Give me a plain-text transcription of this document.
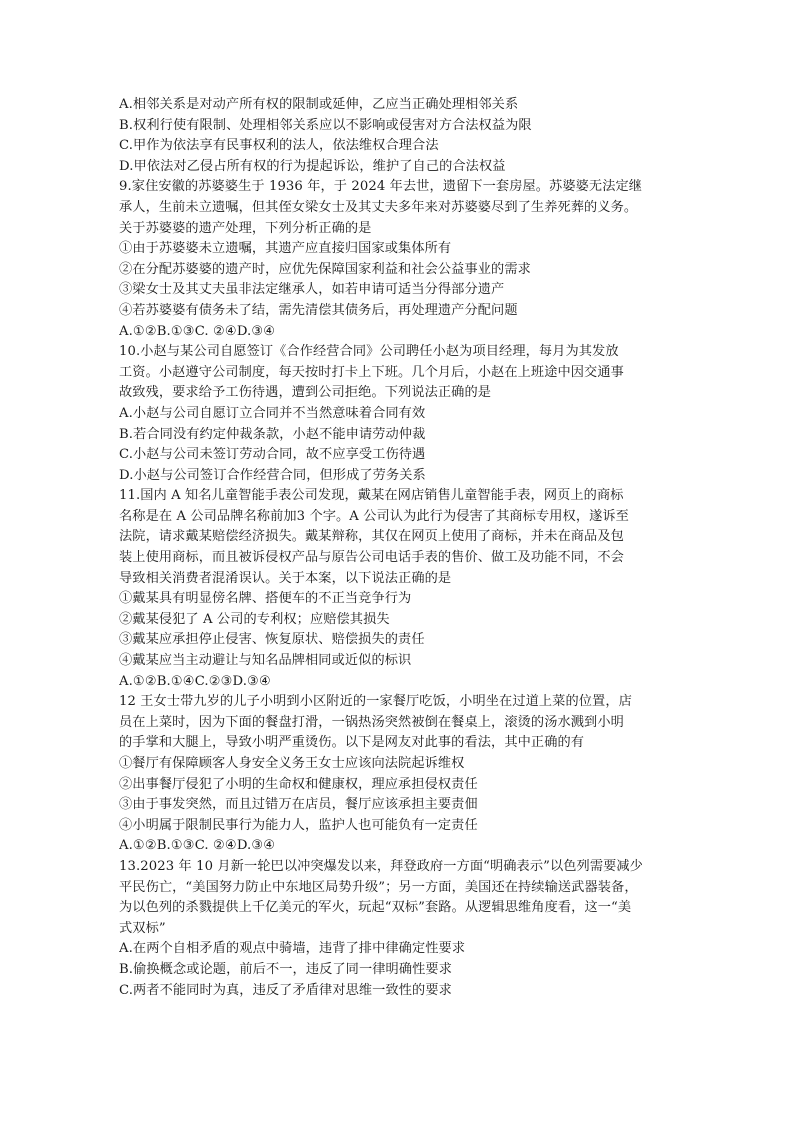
A.相邻关系是对动产所有权的限制或延伸，乙应当正确处理相邻关系
B.权利行使有限制、处理相邻关系应以不影响或侵害对方合法权益为限
C.甲作为依法享有民事权利的法人，依法维权合理合法
D.甲依法对乙侵占所有权的行为提起诉讼，维护了自己的合法权益
9.家住安徽的苏婆婆生于 1936 年，于 2024 年去世，遗留下一套房屋。苏婆婆无法定继
承人，生前未立遗嘱，但其侄女梁女士及其丈夫多年来对苏婆婆尽到了生养死葬的义务。
关于苏婆婆的遗产处理，下列分析正确的是
①由于苏婆婆未立遗嘱，其遗产应直接归国家或集体所有
②在分配苏婆婆的遗产时，应优先保障国家利益和社会公益事业的需求
③梁女士及其丈夫虽非法定继承人，如若申请可适当分得部分遗产
④若苏婆婆有债务未了结，需先清偿其债务后，再处理遗产分配问题
A.①②B.①③C. ②④D.③④
10.小赵与某公司自愿签订《合作经营合同》公司聘任小赵为项目经理，每月为其发放
工资。小赵遵守公司制度，每天按时打卡上下班。几个月后，小赵在上班途中因交通事
故致残，要求给予工伤待遇，遭到公司拒绝。下列说法正确的是
A.小赵与公司自愿订立合同并不当然意味着合同有效
B.若合同没有约定仲裁条款，小赵不能申请劳动仲裁
C.小赵与公司未签订劳动合同，故不应享受工伤待遇
D.小赵与公司签订合作经营合同，但形成了劳务关系
11.国内 A 知名儿童智能手表公司发现，戴某在网店销售儿童智能手表，网页上的商标
名称是在 A 公司品牌名称前加3 个字。A 公司认为此行为侵害了其商标专用权，遂诉至
法院，请求戴某赔偿经济损失。戴某辩称，其仅在网页上使用了商标，并未在商品及包
装上使用商标，而且被诉侵权产品与原告公司电话手表的售价、做工及功能不同，不会
导致相关消费者混淆误认。关于本案，以下说法正确的是
①戴某具有明显傍名牌、搭便车的不正当竞争行为
②戴某侵犯了 A 公司的专利权；应赔偿其损失
③戴某应承担停止侵害、恢复原状、赔偿损失的责任
④戴某应当主动避让与知名品牌相同或近似的标识
A.①②B.①④C.②③D.③④
12 王女士带九岁的儿子小明到小区附近的一家餐厅吃饭，小明坐在过道上菜的位置，店
员在上菜时，因为下面的餐盘打滑，一锅热汤突然被倒在餐桌上，滚烫的汤水溅到小明
的手掌和大腿上，导致小明严重烫伤。以下是网友对此事的看法，其中正确的有
①餐厅有保障顾客人身安全义务王女士应该向法院起诉维权
②出事餐厅侵犯了小明的生命权和健康权，理应承担侵权责任
③由于事发突然，而且过错万在店员，餐厅应该承担主要责佃
④小明属于限制民事行为能力人，监护人也可能负有一定责任
A.①②B.①③C. ②④D.③④
13.2023 年 10 月新一轮巴以冲突爆发以来，拜登政府一方面“明确表示”以色列需要减少
平民伤亡，“美国努力防止中东地区局势升级”；另一方面，美国还在持续输送武器装备，
为以色列的杀戮提供上千亿美元的军火，玩起“双标”套路。从逻辑思维角度看，这一“美
式双标”
A.在两个自相矛盾的观点中骑墙，违背了排中律确定性要求
B.偷换概念或论题，前后不一，违反了同一律明确性要求
C.两者不能同时为真，违反了矛盾律对思维一致性的要求
